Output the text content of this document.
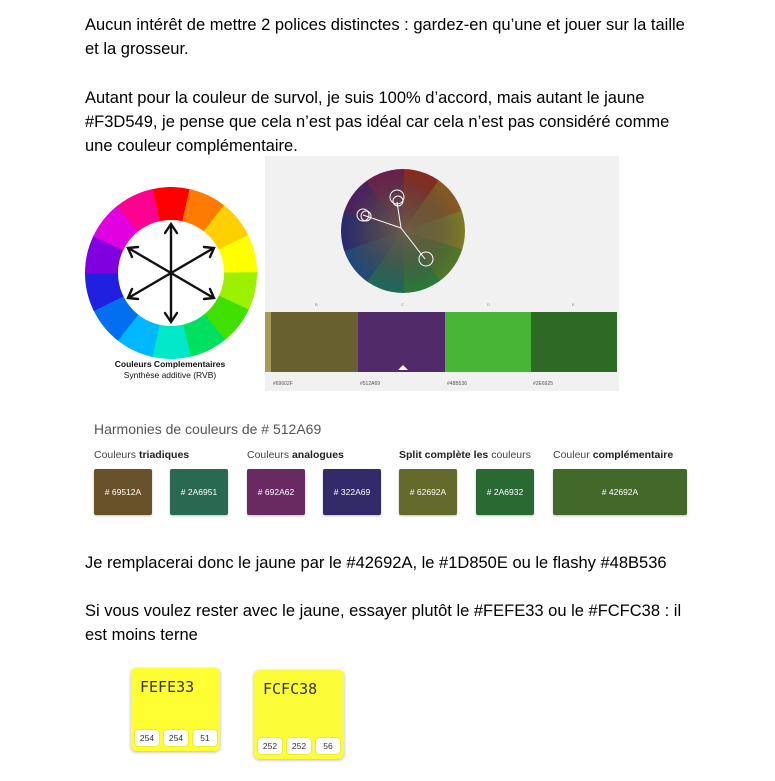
Aucun intérêt de mettre 2 polices distinctes : gardez-en qu’une et jouer sur la taille et la grosseur.

Autant pour la couleur de survol, je suis 100% d’accord, mais autant le jaune #F3D549, je pense que cela n’est pas idéal car cela n’est pas considéré comme une couleur complémentaire.

Couleurs Complementaires
Synthèse additive (RVB)
B	C	D	E
#69602F	#512A69	#48B536	#2E6925
Harmonies de couleurs de # 512A69
Couleurs triadiques
# 69512A	# 2A6951
Couleurs analogues
# 692A62	# 322A69
Split complète les couleurs
# 62692A	# 2A6932
Couleur complémentaire
# 42692A

Je remplacerai donc le jaune par le #42692A, le #1D850E ou le flashy #48B536

Si vous voulez rester avec le jaune, essayer plutôt le #FEFE33 ou le #FCFC38 : il est moins terne

FEFE33
254	254	51
FCFC38
252	252	56
